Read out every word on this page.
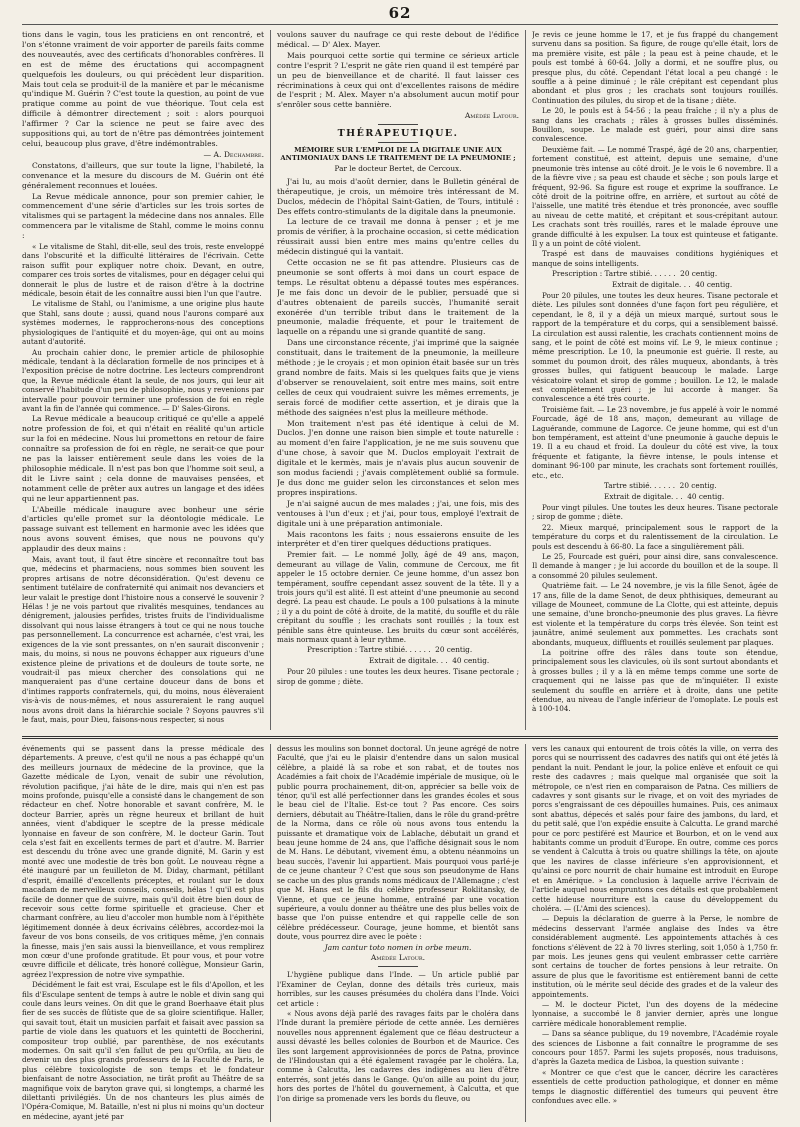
62

tions dans le vagin, tous les praticiens en ont rencontré, et l'on s'étonne vraiment de voir apporter de pareils faits comme des nouveautés, avec des certificats d'honorables confrères. Il en est de même des éructations qui accompagnent quelquefois les douleurs, ou qui précèdent leur disparition. Mais tout cela se produit-il de la manière et par le mécanisme qu'indique M. Guérin ? C'est toute la question, au point de vue pratique comme au point de vue théorique. Tout cela est difficile à démontrer directement ; soit : alors pourquoi l'affirmer ? Car la science ne peut se faire avec des suppositions qui, au tort de n'être pas démontrées jointement celui, beaucoup plus grave, d'être indémontrables.

— A. Dechambre.

Constatons, d'ailleurs, que sur toute la ligne, l'habileté, la convenance et la mesure du discours de M. Guérin ont été généralement reconnues et louées.

La Revue médicale annonce, pour son premier cahier, le commencement d'une série d'articles sur les trois sortes de vitalismes qui se partagent la médecine dans nos annales. Elle commencera par le vitalisme de Stahl, comme le moins connu :

« Le vitalisme de Stahl, dit-elle, seul des trois, reste enveloppé dans l'obscurité et la difficulté littéraires de l'écrivain. Cette raison suffit pour expliquer notre choix. Devant, en outre, comparer ces trois sortes de vitalismes, pour en dégager celui qui donnerait le plus de lustre et de raison d'être à la doctrine médicale, besoin était de les connaître aussi bien l'un que l'autre.

Le vitalisme de Stahl, ou l'animisme, a une origine plus haute que Stahl, sans doute ; aussi, quand nous l'aurons comparé aux systèmes modernes, le rapprocherons-nous des conceptions physiologiques de l'antiquité et du moyen-âge, qui ont au moins autant d'autorité.

Au prochain cahier donc, le premier article de philosophie médicale, tendant à la déclaration formelle de nos principes et à l'exposition précise de notre doctrine. Les lecteurs comprendront que, la Revue médicale étant la seule, de nos jours, qui leur ait conservé l'habitude d'un peu de philosophie, nous y revenions par intervalle pour pouvoir terminer une profession de foi en règle avant la fin de l'année qui commence. — D' Sales-Girons.

La Revue médicale a beaucoup critiqué ce qu'elle a appelé notre profession de foi, et qui n'était en réalité qu'un article sur la foi en médecine. Nous lui promettons en retour de faire connaître sa profession de foi en règle, ne serait-ce que pour ne pas la laisser entièrement seule dans les voies de la philosophie médicale. Il n'est pas bon que l'homme soit seul, a dit le Livre saint ; cela donne de mauvaises pensées, et notamment celle de prêter aux autres un langage et des idées qui ne leur appartiennent pas.

L'Abeille médicale inaugure avec bonheur une série d'articles qu'elle promet sur la déontologie médicale. Le passage suivant est tellement en harmonie avec les idées que nous avons souvent émises, que nous ne pouvons qu'y applaudir des deux mains :

Mais, avant tout, il faut être sincère et reconnaître tout bas que, médecins et pharmaciens, nous sommes bien souvent les propres artisans de notre déconsidération. Qu'est devenu ce sentiment tutélaire de confraternité qui animait nos devanciers et leur valait le prestige dont l'histoire nous a conservé le souvenir ? Hélas ! je ne vois partout que rivalités mesquines, tendances au dénigrement, jalousies perfides, tristes fruits de l'individualisme dissolvant qui nous laisse étrangers à tout ce qui ne nous touche pas personnellement. La concurrence est acharnée, c'est vrai, les exigences de la vie sont pressantes, on n'en saurait disconvenir ; mais, du moins, si nous ne pouvons échapper aux rigueurs d'une existence pleine de privations et de douleurs de toute sorte, ne voudrait-il pas mieux chercher des consolations qui ne manqueraient pas d'une certaine douceur dans de bons et d'intimes rapports confraternels, qui, du moins, nous élèveraient vis-à-vis de nous-mêmes, et nous assureraient le rang auquel nous avons droit dans la hiérarchie sociale ? Soyons pauvres s'il le faut, mais, pour Dieu, faisons-nous respecter, si nous

voulons sauver du naufrage ce qui reste debout de l'édifice médical. — D' Alex. Mayer.

Mais pourquoi cette sortie qui termine ce sérieux article contre l'esprit ? L'esprit ne gâte rien quand il est tempéré par un peu de bienveillance et de charité. Il faut laisser ces récriminations à ceux qui ont d'excellentes raisons de médire de l'esprit ; M. Alex. Mayer n'a absolument aucun motif pour s'enrôler sous cette bannière.

Amédée Latour.

THÉRAPEUTIQUE.

MÉMOIRE SUR L'EMPLOI DE LA DIGITALE UNIE AUX ANTIMONIAUX DANS LE TRAITEMENT DE LA PNEUMONIE ;

Par le docteur Bertet, de Cercoux.

J'ai lu, au mois d'août dernier, dans le Bulletin général de thérapeutique, je crois, un mémoire très intéressant de M. Duclos, médecin de l'hôpital Saint-Gatien, de Tours, intitulé : Des effets contro-stimulants de la digitale dans la pneumonie.

La lecture de ce travail me donna à penser ; et je me promis de vérifier, à la prochaine occasion, si cette médication réussirait aussi bien entre mes mains qu'entre celles du médecin distingué qui la vantait.

Cette occasion ne se fit pas attendre. Plusieurs cas de pneumonie se sont offerts à moi dans un court espace de temps. Le résultat obtenu a dépassé toutes mes espérances. Je me fais donc un devoir de le publier, persuadé que si d'autres obtenaient de pareils succès, l'humanité serait exonérée d'un terrible tribut dans le traitement de la pneumonie, maladie fréquente, et pour le traitement de laquelle on a répandu une si grande quantité de sang.

Dans une circonstance récente, j'ai imprimé que la saignée constituait, dans le traitement de la pneumonie, la meilleure méthode ; je le croyais ; et mon opinion était basée sur un très grand nombre de faits. Mais si les quelques faits que je viens d'observer se renouvelaient, soit entre mes mains, soit entre celles de ceux qui voudraient suivre les mêmes errements, je serais forcé de modifier cette assertion, et je dirais que la méthode des saignées n'est plus la meilleure méthode.

Mon traitement n'est pas été identique à celui de M. Duclos. J'en donne une raison bien simple et toute naturelle : au moment d'en faire l'application, je ne me suis souvenu que d'une chose, à savoir que M. Duclos employait l'extrait de digitale et le kermès, mais je n'avais plus aucun souvenir de son modus faciendi ; j'avais complètement oublié sa formule. Je dus donc me guider selon les circonstances et selon mes propres inspirations.

Je n'ai saigné aucun de mes malades ; j'ai, une fois, mis des ventouses à l'un d'eux ; et j'ai, pour tous, employé l'extrait de digitale uni à une préparation antimoniale.

Mais racontons les faits ; nous essaierons ensuite de les interpréter et d'en tirer quelques déductions pratiques.

Premier fait. — Le nommé Jolly, âgé de 49 ans, maçon, demeurant au village de Valin, commune de Cercoux, me fit appeler le 15 octobre dernier. Ce jeune homme, d'un assez bon tempérament, souffre cependant assez souvent de la tête. Il y a trois jours qu'il est alité. Il est atteint d'une pneumonie au second degré. La peau est chaude. Le pouls a 100 pulsations à la minute ; il y a du point de côté à droite, de la matité, du souffle et du râle crépitant du souffle ; les crachats sont rouillés ; la toux est pénible sans être quinteuse. Les bruits du cœur sont accélérés, mais normaux quant à leur rythme.

Prescription : Tartre stibié. . . . . .  20 centig.

Extrait de digitale. . .  40 centig.

Pour 20 pilules : une toutes les deux heures. Tisane pectorale ; sirop de gomme ; diète.

Je revis ce jeune homme le 17, et je fus frappé du changement survenu dans sa position. Sa figure, de rouge qu'elle était, lors de ma première visite, est pâle ; la peau est à peine chaude, et le pouls est tombé à 60-64. Jolly a dormi, et ne souffre plus, ou presque plus, du côté. Cependant l'état local a peu changé : le souffle a à peine diminué ; le râle crépitant est cependant plus abondant et plus gros ; les crachats sont toujours rouillés. Continuation des pilules, du sirop et de la tisane ; diète.

Le 20, le pouls est à 54-56 ; la peau fraîche ; il n'y a plus de sang dans les crachats ; râles à grosses bulles disséminés. Bouillon, soupe. Le malade est guéri, pour ainsi dire sans convalescence.

Deuxième fait. — Le nommé Traspé, âgé de 20 ans, charpentier, fortement constitué, est atteint, depuis une semaine, d'une pneumonie très intense au côté droit. Je le vois le 6 novembre. Il a de la fièvre vive ; sa peau est chaude et sèche ; son pouls large et fréquent, 92-96. Sa figure est rouge et exprime la souffrance. Le côté droit de la poitrine offre, en arrière, et surtout au côté de l'aisselle, une matité très étendue et très prononcée, avec souffle au niveau de cette matité, et crépitant et sous-crépitant autour. Les crachats sont très rouillés, rares et le malade éprouve une grande difficulté à les expulser. La toux est quinteuse et fatigante. Il y a un point de côté violent.

Traspé est dans de mauvaises conditions hygiéniques et manque de soins intelligents.

Prescription : Tartre stibié. . . . . .  20 centig.

Extrait de digitale. . .  40 centig.

Pour 20 pilules, une toutes les deux heures. Tisane pectorale et diète. Les pilules sont données d'une façon fort peu régulière, et cependant, le 8, il y a déjà un mieux marqué, surtout sous le rapport de la température et du corps, qui a sensiblement baissé. La circulation est aussi ralentie, les crachats contiennent moins de sang, et le point de côté est moins vif. Le 9, le mieux continue ; même prescription. Le 10, la pneumonie est guérie. Il reste, au sommet du poumon droit, des râles muqueux, abondants, à très grosses bulles, qui fatiguent beaucoup le malade. Large vésicatoire volant et sirop de gomme ; bouillon. Le 12, le malade est complètement guéri ; je lui accorde à manger. Sa convalescence a été très courte.

Troisième fait. — Le 23 novembre, je fus appelé à voir le nommé Fourcade, âgé de 18 ans, maçon, demeurant au village de Laguérande, commune de Lagorce. Ce jeune homme, qui est d'un bon tempérament, est atteint d'une pneumonie à gauche depuis le 19. Il a eu chaud et froid. La douleur du côté est vive, la toux fréquente et fatigante, la fièvre intense, le pouls intense et dominant 96-100 par minute, les crachats sont fortement rouillés, etc., etc.

Tartre stibié. . . . . .  20 centig.

Extrait de digitale. . .  40 centig.

Pour vingt pilules. Une toutes les deux heures. Tisane pectorale ; sirop de gomme ; diète.

22. Mieux marqué, principalement sous le rapport de la température du corps et du ralentissement de la circulation. Le pouls est descendu à 66-80. La face a singulièrement pâli.

Le 25, Fourcade est guéri, pour ainsi dire, sans convalescence. Il demande à manger ; je lui accorde du bouillon et de la soupe. Il a consommé 20 pilules seulement.

Quatrième fait. — Le 24 novembre, je vis la fille Senot, âgée de 17 ans, fille de la dame Senot, de deux phthisiques, demeurant au village de Mouneet, commune de La Clotte, qui est atteinte, depuis une semaine, d'une broncho-pneumonie des plus graves. La fièvre est violente et la température du corps très élevée. Son teint est jaunâtre, animé seulement aux pommettes. Les crachats sont abondants, muqueux, diffluents et rouillés seulement par plaques.

La poitrine offre des râles dans toute son étendue, principalement sous les clavicules, où ils sont surtout abondants et à grosses bulles ; il y a là en même temps comme une sorte de craquement qui ne laisse pas que de m'inquiéter. Il existe seulement du souffle en arrière et à droite, dans une petite étendue, au niveau de l'angle inférieur de l'omoplate. Le pouls est à 100-104.

événements qui se passent dans la presse médicale des départements. A preuve, c'est qu'il ne nous a pas échappé qu'un des meilleurs journaux de médecine de la province, que la Gazette médicale de Lyon, venait de subir une révolution, révolution pacifique, j'ai hâte de le dire, mais qui n'en est pas moins profonde, puisqu'elle a consisté dans le changement de son rédacteur en chef. Notre honorable et savant confrère, M. le docteur Barrier, après un règne heureux et brillant de huit années, vient d'abdiquer le sceptre de la presse médicale lyonnaise en faveur de son confrère, M. le docteur Garin. Tout cela s'est fait en excellents termes de part et d'autre. M. Barrier est descendu du trône avec une grande dignité, M. Garin y est monté avec une modestie de très bon goût. Le nouveau règne a été inauguré par un feuilleton de M. Diday, charmant, pétillant d'esprit, émaillé d'excellents préceptes, et roulant sur le doux macadam de merveilleux conseils, conseils, hélas ! qu'il est plus facile de donner que de suivre, mais qu'il doit être bien doux de recevoir sous cette forme spirituelle et gracieuse. Cher et charmant confrère, au lieu d'accoler mon humble nom à l'épithète légitimement donnée à deux écrivains célèbres, accordez-moi la faveur de vos bons conseils, de vos critiques même, j'en connais la finesse, mais j'en sais aussi la bienveillance, et vous remplirez mon cœur d'une profonde gratitude. Et pour vous, et pour votre œuvre difficile et délicate, très honoré collègue, Monsieur Garin, agréez l'expression de notre vive sympathie.

Décidément le fait est vrai, Esculape est le fils d'Apollon, et les fils d'Esculape sentent de temps à autre le noble et divin sang qui coule dans leurs veines. On dit que le grand Boerhaave était plus fier de ses succès de flûtiste que de sa gloire scientifique. Haller, qui savait tout, était un musicien parfait et faisait avec passion sa partie de viole dans les quatuors et les quintetti de Boccherini, compositeur trop oublié, par parenthèse, de nos exécutants modernes. On sait qu'il s'en fallut de peu qu'Orfila, au lieu de devenir un des plus grands professeurs de la Faculté de Paris, le plus célèbre toxicologiste de son temps et le fondateur bienfaisant de notre Association, ne tirât profit au Théâtre de sa magnifique voix de baryton grave qui, si longtemps, a charmé les dilettanti privilégiés. Un de nos chanteurs les plus aimés de l'Opéra-Comique, M. Bataille, n'est ni plus ni moins qu'un docteur en médecine, ayant jeté par

dessus les moulins son bonnet doctoral. Un jeune agrégé de notre Faculté, que j'ai eu le plaisir d'entendre dans un salon musical célèbre, a plaidé là sa robe et son rabat, et de toutes nos Académies a fait choix de l'Académie impériale de musique, où le public pourra prochainement, dit-on, apprécier sa belle voix de ténor, qu'il est allé perfectionner dans les grandes écoles et sous le beau ciel de l'Italie. Est-ce tout ? Pas encore. Ces soirs derniers, débutait au Théâtre-Italien, dans le rôle du grand-prêtre de la Norma, dans ce rôle où nous avons tous entendu la puissante et dramatique voix de Lablache, débutait un grand et beau jeune homme de 24 ans, que l'affiche désignait sous le nom de M. Hans. Le débutant, vivement ému, a obtenu néanmoins un beau succès, l'avenir lui appartient. Mais pourquoi vous parlé-je de ce jeune chanteur ? C'est que sous son pseudonyme de Hans se cache un des plus grands noms médicaux de l'Allemagne ; c'est que M. Hans est le fils du célèbre professeur Roklitansky, de Vienne, et que ce jeune homme, entraîné par une vocation supérieure, a voulu donner au théâtre une des plus belles voix de basse que l'on puisse entendre et qui rappelle celle de son célèbre prédécesseur. Courage, jeune homme, et bientôt sans doute, vous pourrez dire avec le poète :

Jam cantur toto nomen in orbe meum.

Amédée Latour.

L'hygiène publique dans l'Inde. — Un article publié par l'Examiner de Ceylan, donne des détails très curieux, mais horribles, sur les causes présumées du choléra dans l'Inde. Voici cet article :

« Nous avons déjà parlé des ravages faits par le choléra dans l'Inde durant la première période de cette année. Les dernières nouvelles nous apprennent également que ce fléau destructeur a aussi dévasté les belles colonies de Bourbon et de Maurice. Ces îles sont largement approvisionnées de porcs de Patna, province de l'Hindoustan qui a été également ravagée par le choléra. La, comme à Calcutta, les cadavres des indigènes au lieu d'être enterrés, sont jetés dans le Gange. Qu'on aille au point du jour, hors des portes de l'hôtel du gouvernement, à Calcutta, et que l'on dirige sa promenade vers les bords du fleuve, ou

vers les canaux qui entourent de trois côtés la ville, on verra des porcs qui se nourrissent des cadavres des natifs qui ont été jetés là pendant la nuit. Pendant le jour, la police enlève et enfouit ce qui reste des cadavres ; mais quelque mal organisée que soit la métropole, ce n'est rien en comparaison de Patna. Ces milliers de cadavres y sont gisants sur le rivage, et on voit des myriades de porcs s'engraissant de ces dépouilles humaines. Puis, ces animaux sont abattus, dépecés et salés pour faire des jambons, du lard, et du petit salé, que l'on expédie ensuite à Calcutta. Le grand marché pour ce porc pestiféré est Maurice et Bourbon, et on le vend aux habitants comme un produit d'Europe. En outre, comme ces porcs se vendent à Calcutta à trois ou quatre shillings la tête, on ajoute que les navires de classe inférieure s'en approvisionnent, et qu'ainsi ce porc nourrit de chair humaine est introduit en Europe et en Amérique. » La conclusion à laquelle arrive l'écrivain de l'article auquel nous empruntons ces détails est que probablement cette hideuse nourriture est la cause du développement du choléra. — (L'Ami des sciences).

— Depuis la déclaration de guerre à la Perse, le nombre de médecins desservant l'armée anglaise des Indes va être considérablement augmenté. Les appointements attachés à ces fonctions s'élèvent de 22 à 70 livres sterling, soit 1,050 à 1,750 fr. par mois. Les jeunes gens qui veulent embrasser cette carrière sont certains de toucher de fortes pensions à leur retraite. On assure de plus que le favoritisme est entièrement banni de cette institution, où le mérite seul décide des grades et de la valeur des appointements.

— M. le docteur Pictet, l'un des doyens de la médecine lyonnaise, a succombé le 8 janvier dernier, après une longue carrière médicale honorablement remplie.

— Dans sa séance publique, du 19 novembre, l'Académie royale des sciences de Lisbonne a fait connaître le programme de ses concours pour 1857. Parmi les sujets proposés, nous traduisons, d'après la Gazeta medica de Lisboa, la question suivante :

« Montrer ce que c'est que le cancer, décrire les caractères essentiels de cette production pathologique, et donner en même temps le diagnostic différentiel des tumeurs qui peuvent être confondues avec elle. »
